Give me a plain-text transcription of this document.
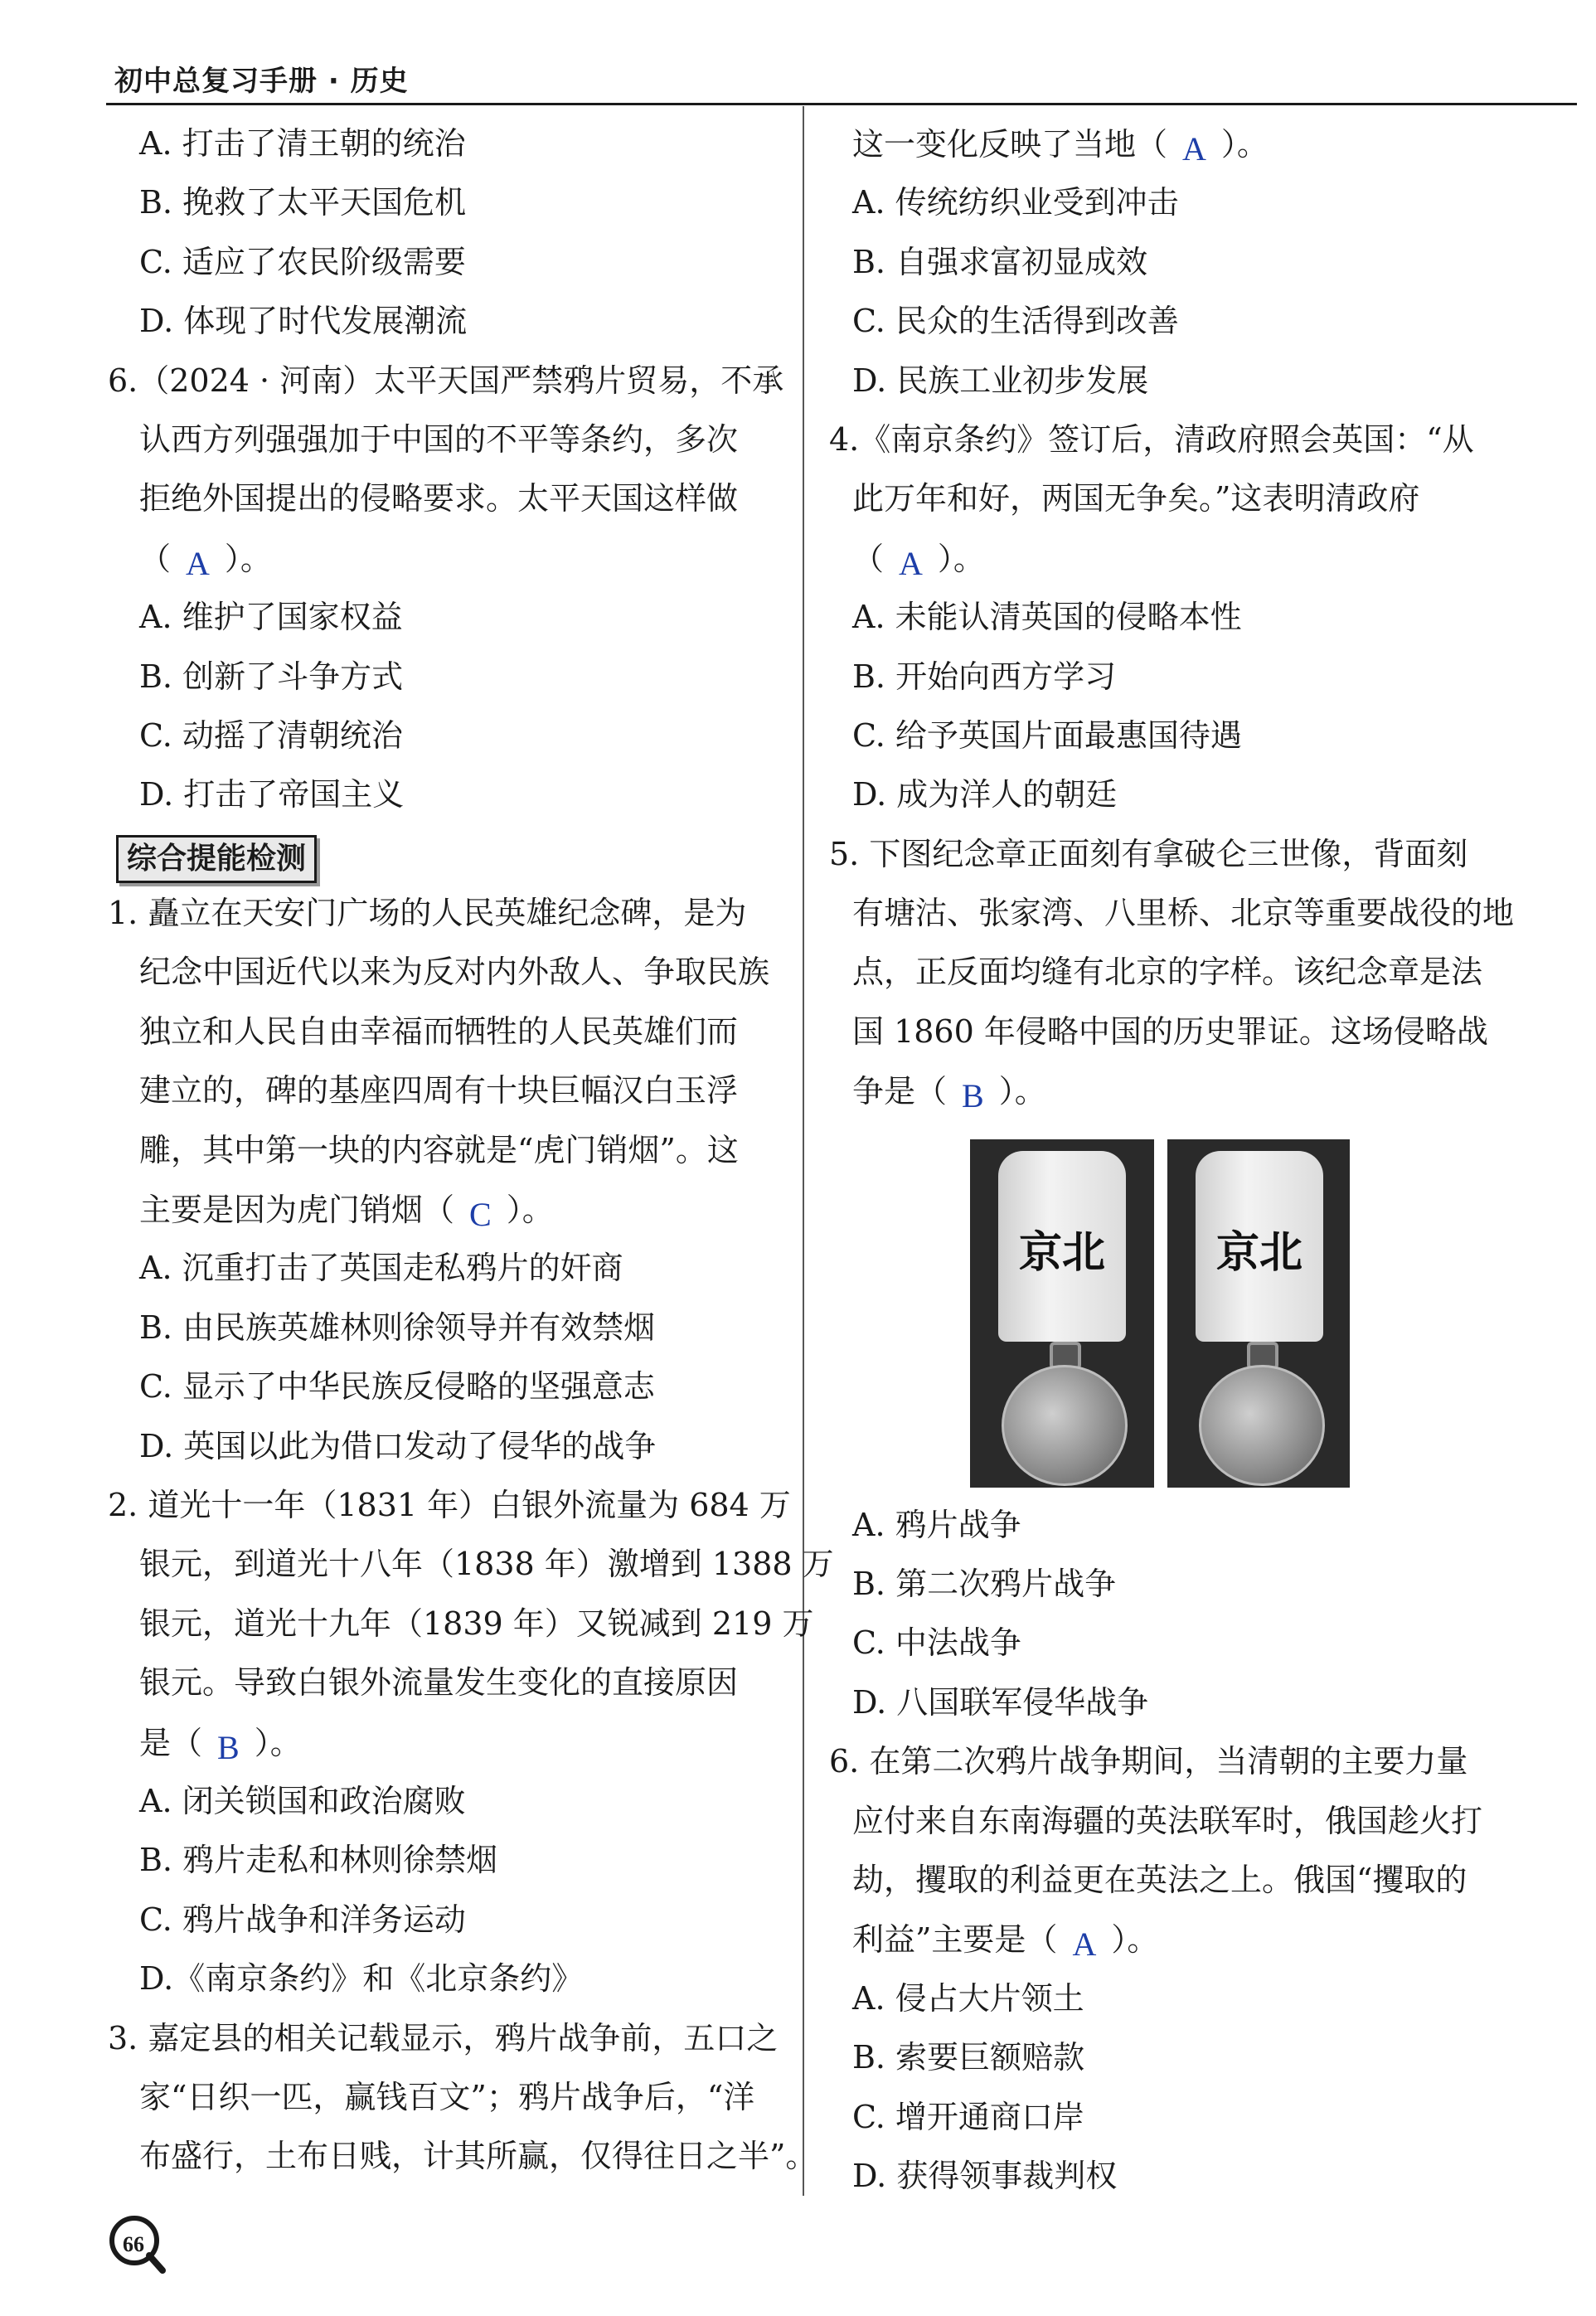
初中总复习手册 · 历史
A. 打击了清王朝的统治
B. 挽救了太平天国危机
C. 适应了农民阶级需要
D. 体现了时代发展潮流
6.（2024 · 河南）太平天国严禁鸦片贸易，不承
认西方列强强加于中国的不平等条约，多次
拒绝外国提出的侵略要求。太平天国这样做
（ A ）。
A. 维护了国家权益
B. 创新了斗争方式
C. 动摇了清朝统治
D. 打击了帝国主义
综合提能检测
1. 矗立在天安门广场的人民英雄纪念碑，是为
纪念中国近代以来为反对内外敌人、争取民族
独立和人民自由幸福而牺牲的人民英雄们而
建立的，碑的基座四周有十块巨幅汉白玉浮
雕，其中第一块的内容就是“虎门销烟”。这
主要是因为虎门销烟（ C ）。
A. 沉重打击了英国走私鸦片的奸商
B. 由民族英雄林则徐领导并有效禁烟
C. 显示了中华民族反侵略的坚强意志
D. 英国以此为借口发动了侵华的战争
2. 道光十一年（1831 年）白银外流量为 684 万
银元，到道光十八年（1838 年）激增到 1388 万
银元，道光十九年（1839 年）又锐减到 219 万
银元。导致白银外流量发生变化的直接原因
是（ B ）。
A. 闭关锁国和政治腐败
B. 鸦片走私和林则徐禁烟
C. 鸦片战争和洋务运动
D.《南京条约》和《北京条约》
3. 嘉定县的相关记载显示，鸦片战争前，五口之
家“日织一匹，赢钱百文”；鸦片战争后，“洋
布盛行，土布日贱，计其所赢，仅得往日之半”。
这一变化反映了当地（ A ）。
A. 传统纺织业受到冲击
B. 自强求富初显成效
C. 民众的生活得到改善
D. 民族工业初步发展
4.《南京条约》签订后，清政府照会英国：“从
此万年和好，两国无争矣。”这表明清政府
（ A ）。
A. 未能认清英国的侵略本性
B. 开始向西方学习
C. 给予英国片面最惠国待遇
D. 成为洋人的朝廷
5. 下图纪念章正面刻有拿破仑三世像，背面刻
有塘沽、张家湾、八里桥、北京等重要战役的地
点，正反面均缝有北京的字样。该纪念章是法
国 1860 年侵略中国的历史罪证。这场侵略战
争是（ B ）。
京北	京北
A. 鸦片战争
B. 第二次鸦片战争
C. 中法战争
D. 八国联军侵华战争
6. 在第二次鸦片战争期间，当清朝的主要力量
应付来自东南海疆的英法联军时，俄国趁火打
劫，攫取的利益更在英法之上。俄国“攫取的
利益”主要是（ A ）。
A. 侵占大片领土
B. 索要巨额赔款
C. 增开通商口岸
D. 获得领事裁判权
66
